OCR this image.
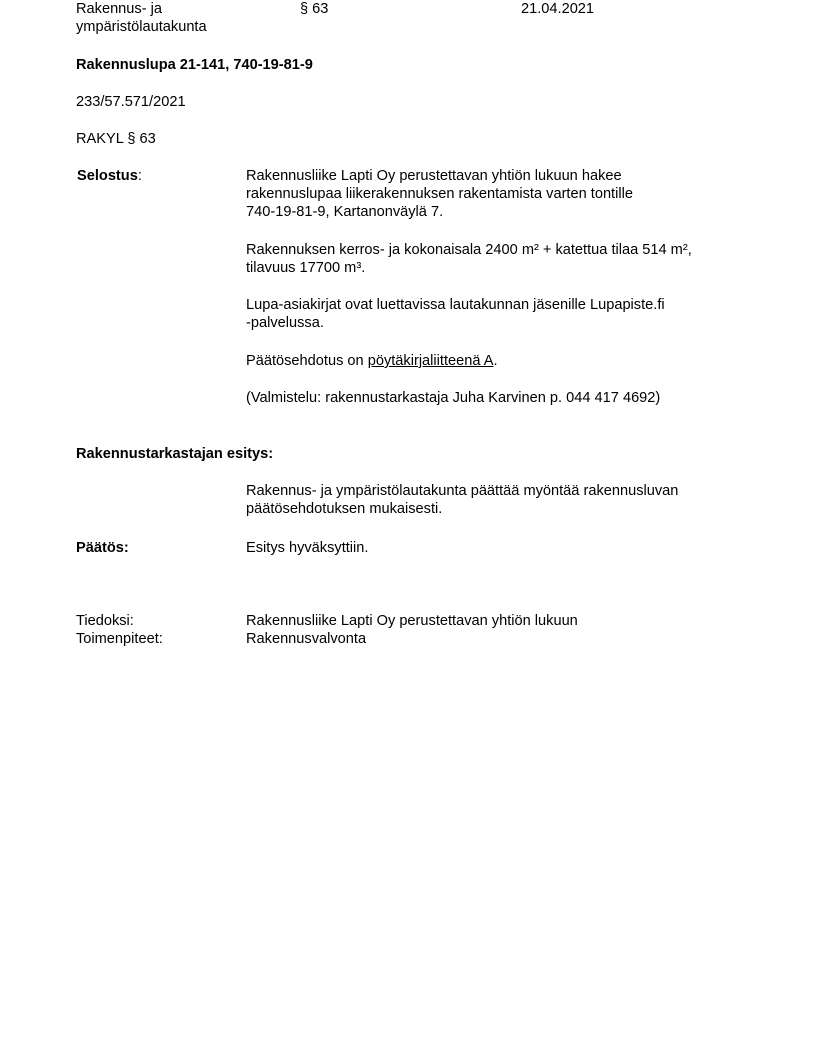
Rakennus- ja
ympäristölautakunta
§ 63	21.04.2021
Rakennuslupa 21-141, 740-19-81-9
233/57.571/2021
RAKYL § 63
Selostus:	Rakennusliike Lapti Oy perustettavan yhtiön lukuun hakee
rakennuslupaa liikerakennuksen rakentamista varten tontille
740-19-81-9, Kartanonväylä 7.
Rakennuksen kerros- ja kokonaisala 2400 m² + katettua tilaa 514 m²,
tilavuus 17700 m³.
Lupa-asiakirjat ovat luettavissa lautakunnan jäsenille Lupapiste.fi
-palvelussa.
Päätösehdotus on pöytäkirjaliitteenä A.
(Valmistelu: rakennustarkastaja Juha Karvinen p. 044 417 4692)
Rakennustarkastajan esitys:
Rakennus- ja ympäristölautakunta päättää myöntää rakennusluvan
päätösehdotuksen mukaisesti.
Päätös:	Esitys hyväksyttiin.
Tiedoksi:	Rakennusliike Lapti Oy perustettavan yhtiön lukuun
Toimenpiteet:	Rakennusvalvonta
